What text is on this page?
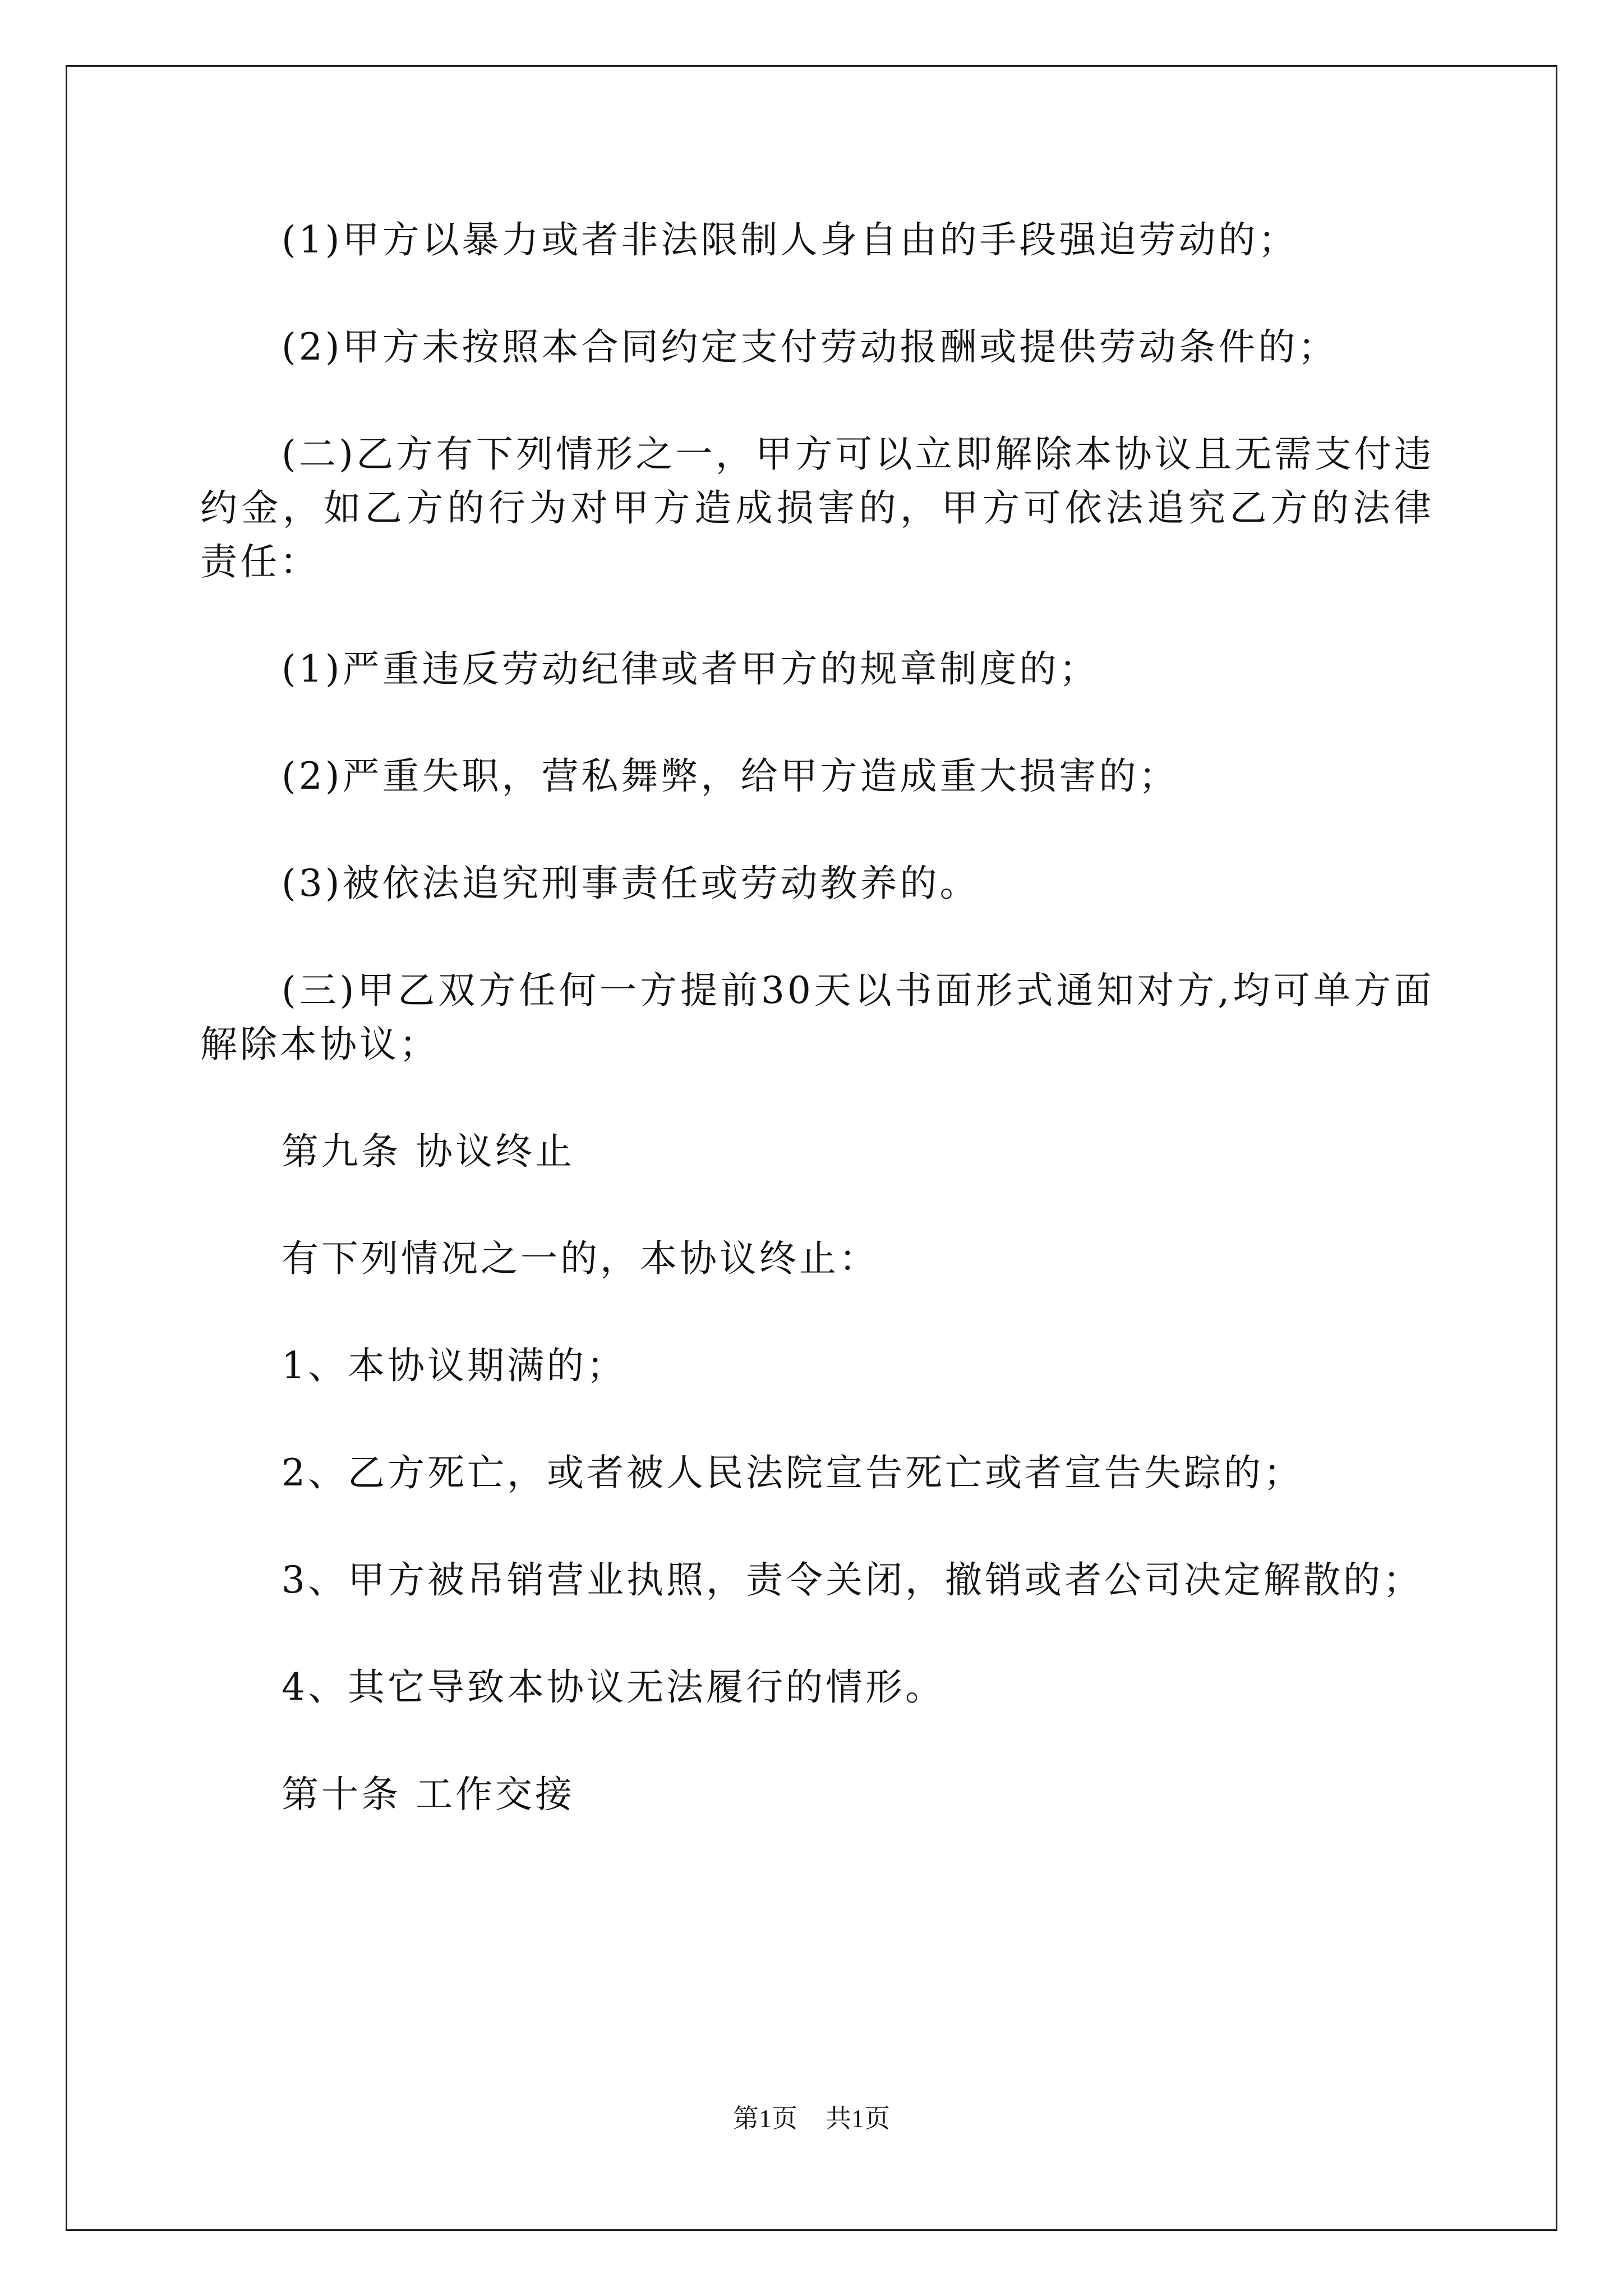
(1)甲方以暴力或者非法限制人身自由的手段强迫劳动的；

(2)甲方未按照本合同约定支付劳动报酬或提供劳动条件的；

(二)乙方有下列情形之一，甲方可以立即解除本协议且无需支付违约金，如乙方的行为对甲方造成损害的，甲方可依法追究乙方的法律责任：

(1)严重违反劳动纪律或者甲方的规章制度的；

(2)严重失职，营私舞弊，给甲方造成重大损害的；

(3)被依法追究刑事责任或劳动教养的。

(三)甲乙双方任何一方提前30天以书面形式通知对方,均可单方面解除本协议；

第九条 协议终止

有下列情况之一的，本协议终止：

1、本协议期满的；

2、乙方死亡，或者被人民法院宣告死亡或者宣告失踪的；

3、甲方被吊销营业执照，责令关闭，撤销或者公司决定解散的；

4、其它导致本协议无法履行的情形。

第十条 工作交接

第1页 共1页
